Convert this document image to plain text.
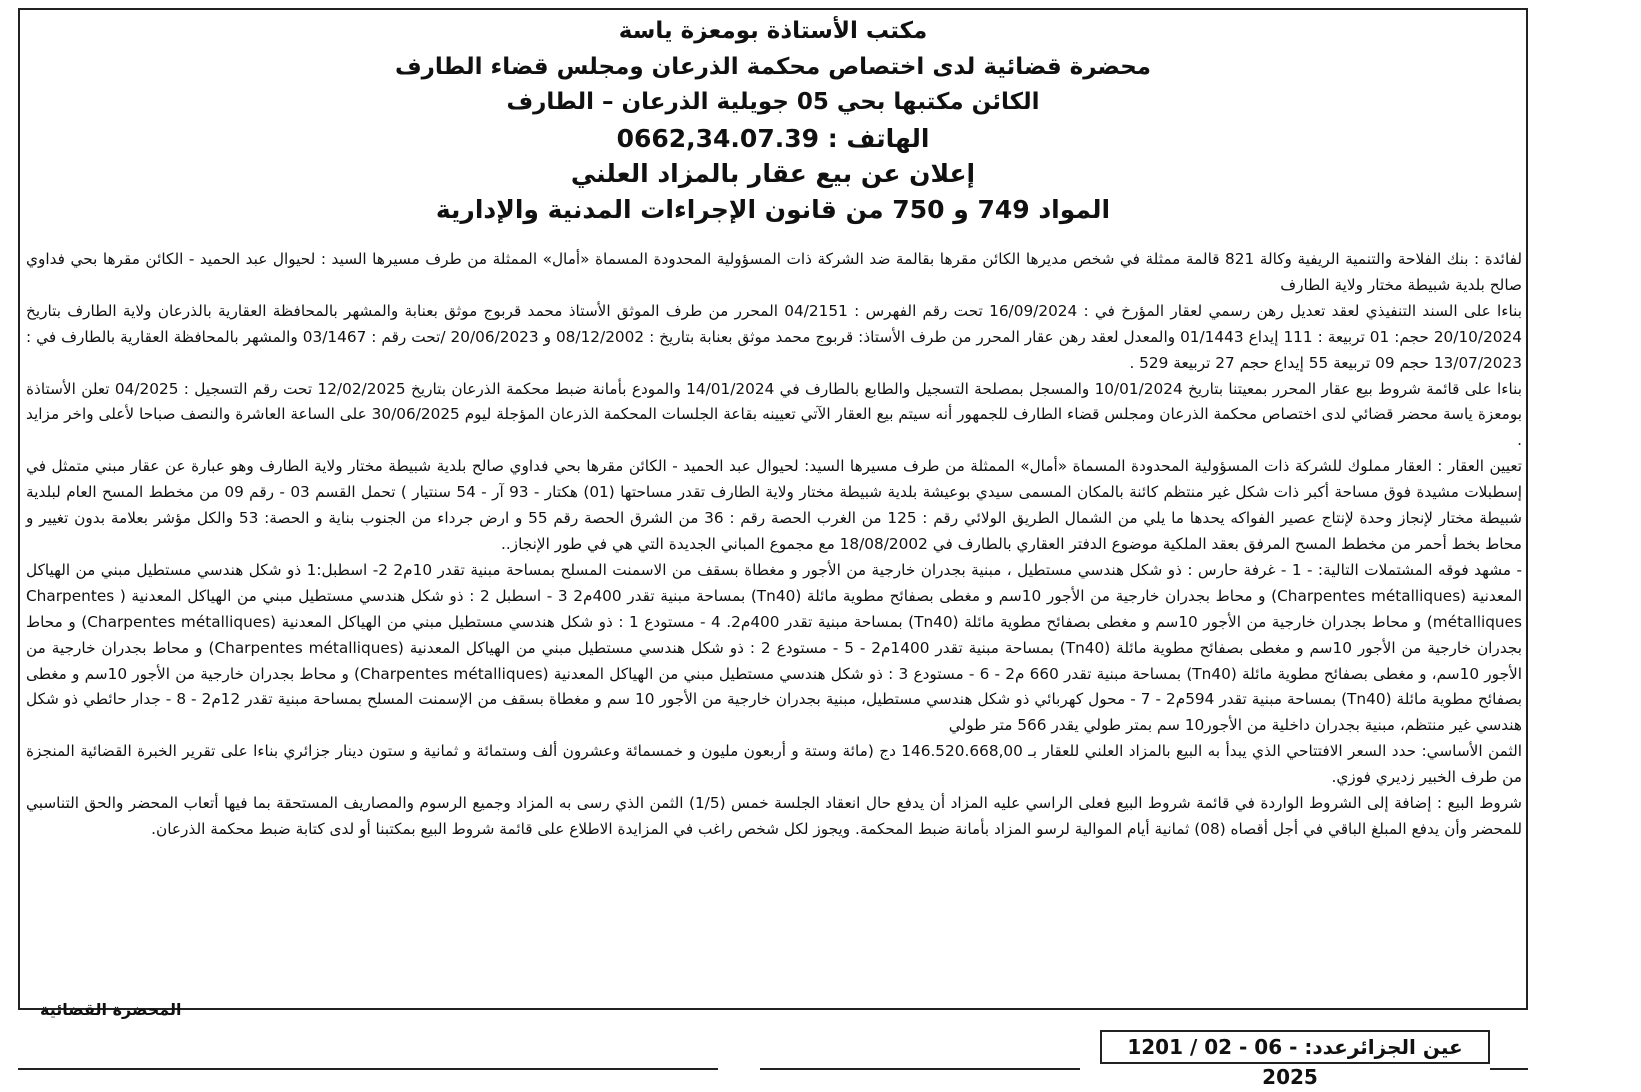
مكتب الأستاذة بومعزة ياسة

محضرة قضائية لدى اختصاص محكمة الذرعان ومجلس قضاء الطارف

الكائن مكتبها بحي 05 جويلية الذرعان – الطارف

الهاتف : 0662,34.07.39

إعلان عن بيع عقار بالمزاد العلني

المواد 749 و 750 من قانون الإجراءات المدنية والإدارية

لفائدة : بنك الفلاحة والتنمية الريفية وكالة 821 قالمة ممثلة في شخص مديرها الكائن مقرها بقالمة ضد الشركة ذات المسؤولية المحدودة المسماة «أمال» الممثلة من طرف مسيرها السيد : لحيوال عبد الحميد - الكائن مقرها بحي فداوي صالح بلدية شبيطة مختار ولاية الطارف

بناءا على السند التنفيذي لعقد تعديل رهن رسمي لعقار المؤرخ في : 16/09/2024 تحت رقم الفهرس : 04/2151 المحرر من طرف الموثق الأستاذ محمد قربوج موثق بعنابة والمشهر بالمحافظة العقارية بالذرعان ولاية الطارف بتاريخ 20/10/2024 حجم: 01 تربيعة : 111 إيداع 01/1443 والمعدل لعقد رهن عقار المحرر من طرف الأستاذ: قربوج محمد موثق بعنابة بتاريخ : 08/12/2002 و 20/06/2023 /تحت رقم : 03/1467 والمشهر بالمحافظة العقارية بالطارف في : 13/07/2023 حجم 09 تربيعة 55 إيداع حجم 27 تربيعة 529 .

بناءا على قائمة شروط بيع عقار المحرر بمعيتنا بتاريخ 10/01/2024 والمسجل بمصلحة التسجيل والطابع بالطارف في 14/01/2024 والمودع بأمانة ضبط محكمة الذرعان بتاريخ 12/02/2025 تحت رقم التسجيل : 04/2025 تعلن الأستاذة بومعزة ياسة محضر قضائي لدى اختصاص محكمة الذرعان ومجلس قضاء الطارف للجمهور أنه سيتم بيع العقار الآتي تعيينه بقاعة الجلسات المحكمة الذرعان المؤجلة ليوم 30/06/2025 على الساعة العاشرة والنصف صباحا لأعلى واخر مزايد .

تعيين العقار : العقار مملوك للشركة ذات المسؤولية المحدودة المسماة «أمال» الممثلة من طرف مسيرها السيد: لحيوال عبد الحميد - الكائن مقرها بحي فداوي صالح بلدية شبيطة مختار ولاية الطارف وهو عبارة عن عقار مبني متمثل في إسطبلات مشيدة فوق مساحة أكبر ذات شكل غير منتظم كائنة بالمكان المسمى سيدي بوعيشة بلدية شبيطة مختار ولاية الطارف تقدر مساحتها (01) هكتار - 93 آر - 54 سنتيار ) تحمل القسم 03 - رقم 09 من مخطط المسح العام لبلدية شبيطة مختار لإنجاز وحدة لإنتاج عصير الفواكه يحدها ما يلي من الشمال الطريق الولائي رقم : 125 من الغرب الحصة رقم : 36 من الشرق الحصة رقم 55 و ارض جرداء من الجنوب بناية و الحصة: 53 والكل مؤشر بعلامة بدون تغيير و محاط بخط أحمر من مخطط المسح المرفق بعقد الملكية موضوع الدفتر العقاري بالطارف في 18/08/2002 مع مجموع المباني الجديدة التي هي في طور الإنجاز..

- مشهد فوقه المشتملات التالية: - 1 - غرفة حارس : ذو شكل هندسي مستطيل ، مبنية بجدران خارجية من الأجور و مغطاة بسقف من الاسمنت المسلح بمساحة مبنية تقدر 10م2 2- اسطبل:1 ذو شكل هندسي مستطيل مبني من الهياكل المعدنية (Charpentes métalliques) و محاط بجدران خارجية من الأجور 10سم و مغطى بصفائح مطوية مائلة (Tn40) بمساحة مبنية تقدر 400م2 3 - اسطبل 2 : ذو شكل هندسي مستطيل مبني من الهياكل المعدنية ( Charpentes métalliques) و محاط بجدران خارجية من الأجور 10سم و مغطى بصفائح مطوية مائلة (Tn40) بمساحة مبنية تقدر 400م2. 4 - مستودع 1 : ذو شكل هندسي مستطيل مبني من الهياكل المعدنية (Charpentes métalliques) و محاط بجدران خارجية من الأجور 10سم و مغطى بصفائح مطوية مائلة (Tn40) بمساحة مبنية تقدر 1400م2 - 5 - مستودع 2 : ذو شكل هندسي مستطيل مبني من الهياكل المعدنية (Charpentes métalliques) و محاط بجدران خارجية من الأجور 10سم، و مغطى بصفائح مطوية مائلة (Tn40) بمساحة مبنية تقدر 660 م2 - 6 - مستودع 3 : ذو شكل هندسي مستطيل مبني من الهياكل المعدنية (Charpentes métalliques) و محاط بجدران خارجية من الأجور 10سم و مغطى بصفائح مطوية مائلة (Tn40) بمساحة مبنية تقدر 594م2 - 7 - محول كهربائي ذو شكل هندسي مستطيل، مبنية بجدران خارجية من الأجور 10 سم و مغطاة بسقف من الإسمنت المسلح بمساحة مبنية تقدر 12م2 - 8 - جدار حائطي ذو شكل هندسي غير منتظم، مبنية بجدران داخلية من الأجور10 سم بمتر طولي يقدر 566 متر طولي

الثمن الأساسي: حدد السعر الافتتاحي الذي يبدأ به البيع بالمزاد العلني للعقار بـ 146.520.668,00 دج (مائة وستة و أربعون مليون و خمسمائة وعشرون ألف وستمائة و ثمانية و ستون دينار جزائري بناءا على تقرير الخبرة القضائية المنجزة من طرف الخبير زديري فوزي.

شروط البيع : إضافة إلى الشروط الواردة في قائمة شروط البيع فعلى الراسي عليه المزاد أن يدفع حال انعقاد الجلسة خمس (1/5) الثمن الذي رسى به المزاد وجميع الرسوم والمصاريف المستحقة بما فيها أتعاب المحضر والحق التناسبي للمحضر وأن يدفع المبلغ الباقي في أجل أقصاه (08) ثمانية أيام الموالية لرسو المزاد بأمانة ضبط المحكمة. ويجوز لكل شخص راغب في المزايدة الاطلاع على قائمة شروط البيع بمكتبنا أو لدى كتابة ضبط محكمة الذرعان.

المحضرة القضائية
عين الجزائرعدد: 1201 / 02 - 06 - 2025
